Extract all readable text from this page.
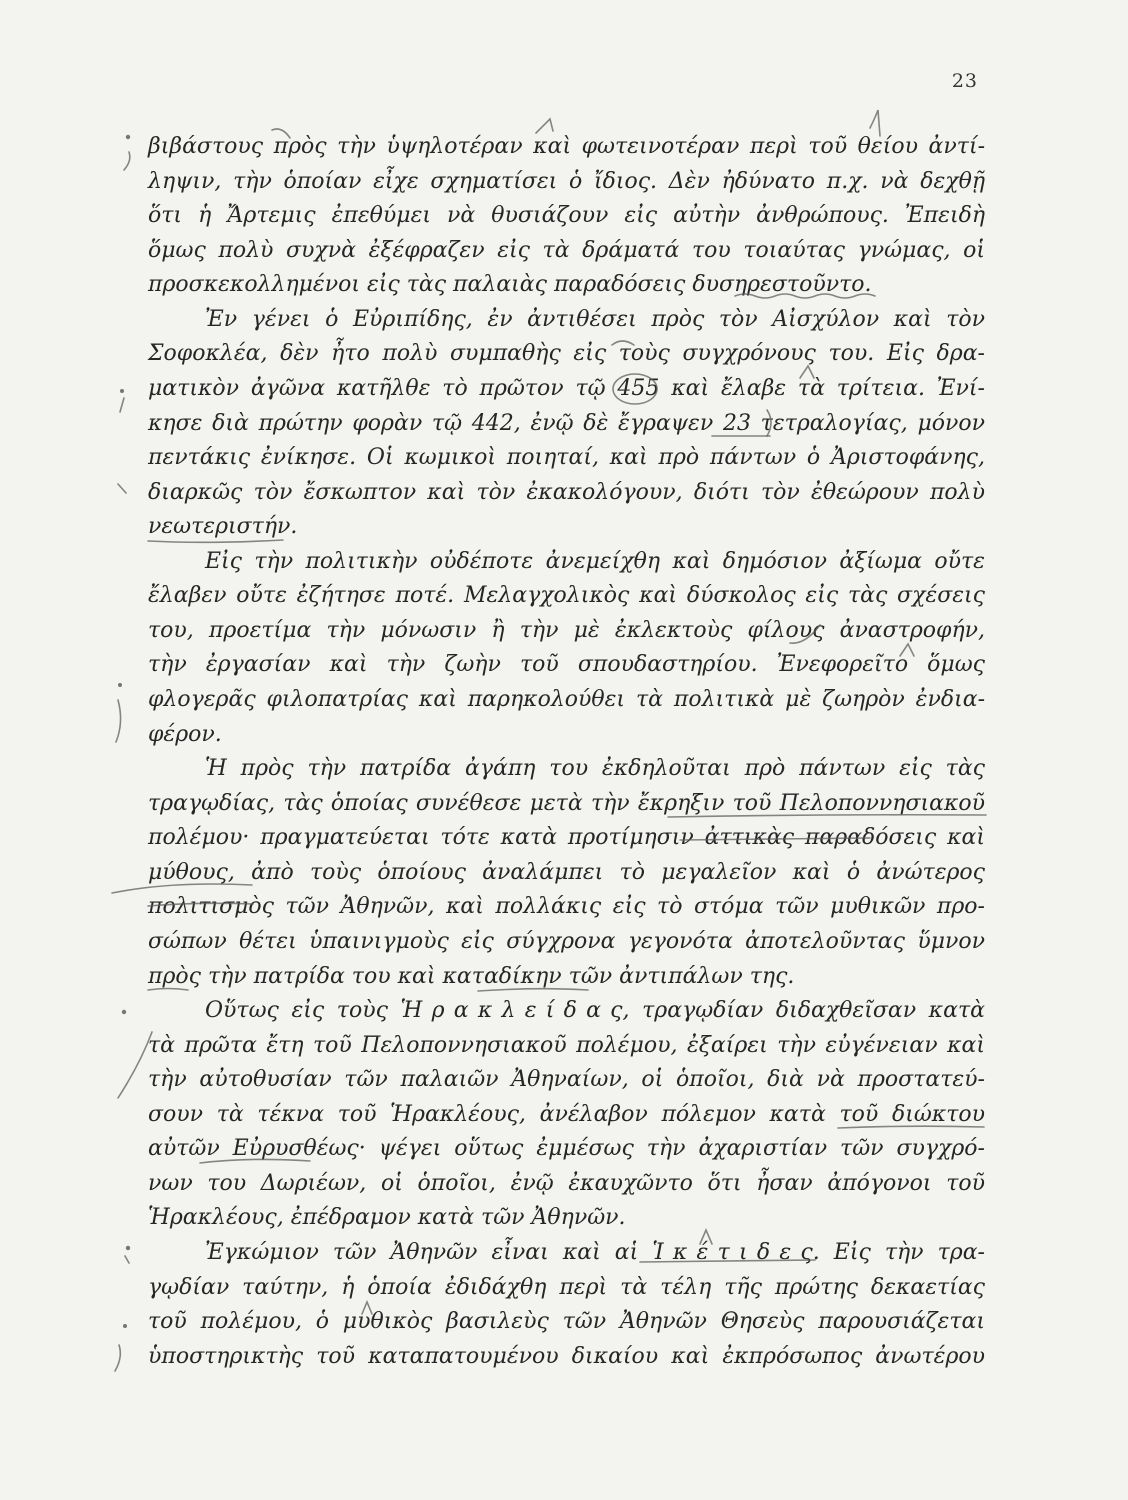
23
βιβάστους πρὸς τὴν ὑψηλοτέραν καὶ φωτεινοτέραν περὶ τοῦ θείου ἀντί-
ληψιν, τὴν ὁποίαν εἶχε σχηματίσει ὁ ἴδιος. Δὲν ἠδύνατο π.χ. νὰ δεχθῇ
ὅτι ἡ Ἄρτεμις ἐπεθύμει νὰ θυσιάζουν εἰς αὐτὴν ἀνθρώπους. Ἐπειδὴ
ὅμως πολὺ συχνὰ ἐξέφραζεν εἰς τὰ δράματά του τοιαύτας γνώμας, οἱ
προσκεκολλημένοι εἰς τὰς παλαιὰς παραδόσεις δυσηρεστοῦντο.
Ἐν γένει ὁ Εὐριπίδης, ἐν ἀντιθέσει πρὸς τὸν Αἰσχύλον καὶ τὸν
Σοφοκλέα, δὲν ἦτο πολὺ συμπαθὴς εἰς τοὺς συγχρόνους του. Εἰς δρα-
ματικὸν ἀγῶνα κατῆλθε τὸ πρῶτον τῷ 455 καὶ ἔλαβε τὰ τρίτεια. Ἐνί-
κησε διὰ πρώτην φορὰν τῷ 442, ἐνῷ δὲ ἔγραψεν 23 τετραλογίας, μόνον
πεντάκις ἐνίκησε. Οἱ κωμικοὶ ποιηταί, καὶ πρὸ πάντων ὁ Ἀριστοφάνης,
διαρκῶς τὸν ἔσκωπτον καὶ τὸν ἐκακολόγουν, διότι τὸν ἐθεώρουν πολὺ
νεωτεριστήν.
Εἰς τὴν πολιτικὴν οὐδέποτε ἀνεμείχθη καὶ δημόσιον ἀξίωμα οὔτε
ἔλαβεν οὔτε ἐζήτησε ποτέ. Μελαγχολικὸς καὶ δύσκολος εἰς τὰς σχέσεις
του, προετίμα τὴν μόνωσιν ἢ τὴν μὲ ἐκλεκτοὺς φίλους ἀναστροφήν,
τὴν ἐργασίαν καὶ τὴν ζωὴν τοῦ σπουδαστηρίου. Ἐνεφορεῖτο ὅμως
φλογερᾶς φιλοπατρίας καὶ παρηκολούθει τὰ πολιτικὰ μὲ ζωηρὸν ἐνδια-
φέρον.
Ἡ πρὸς τὴν πατρίδα ἀγάπη του ἐκδηλοῦται πρὸ πάντων εἰς τὰς
τραγῳδίας, τὰς ὁποίας συνέθεσε μετὰ τὴν ἔκρηξιν τοῦ Πελοποννησιακοῦ
πολέμου· πραγματεύεται τότε κατὰ προτίμησιν ἀττικὰς παραδόσεις καὶ
μύθους, ἀπὸ τοὺς ὁποίους ἀναλάμπει τὸ μεγαλεῖον καὶ ὁ ἀνώτερος
πολιτισμὸς τῶν Ἀθηνῶν, καὶ πολλάκις εἰς τὸ στόμα τῶν μυθικῶν προ-
σώπων θέτει ὑπαινιγμοὺς εἰς σύγχρονα γεγονότα ἀποτελοῦντας ὕμνον
πρὸς τὴν πατρίδα του καὶ καταδίκην τῶν ἀντιπάλων της.
Οὕτως εἰς τοὺς Ἡρακλείδας, τραγῳδίαν διδαχθεῖσαν κατὰ
τὰ πρῶτα ἔτη τοῦ Πελοποννησιακοῦ πολέμου, ἐξαίρει τὴν εὐγένειαν καὶ
τὴν αὐτοθυσίαν τῶν παλαιῶν Ἀθηναίων, οἱ ὁποῖοι, διὰ νὰ προστατεύ-
σουν τὰ τέκνα τοῦ Ἡρακλέους, ἀνέλαβον πόλεμον κατὰ τοῦ διώκτου
αὐτῶν Εὐρυσθέως· ψέγει οὕτως ἐμμέσως τὴν ἀχαριστίαν τῶν συγχρό-
νων του Δωριέων, οἱ ὁποῖοι, ἐνῷ ἐκαυχῶντο ὅτι ἦσαν ἀπόγονοι τοῦ
Ἡρακλέους, ἐπέδραμον κατὰ τῶν Ἀθηνῶν.
Ἐγκώμιον τῶν Ἀθηνῶν εἶναι καὶ αἱ Ἱκέτιδες. Εἰς τὴν τρα-
γῳδίαν ταύτην, ἡ ὁποία ἐδιδάχθη περὶ τὰ τέλη τῆς πρώτης δεκαετίας
τοῦ πολέμου, ὁ μυθικὸς βασιλεὺς τῶν Ἀθηνῶν Θησεὺς παρουσιάζεται
ὑποστηρικτὴς τοῦ καταπατουμένου δικαίου καὶ ἐκπρόσωπος ἀνωτέρου
